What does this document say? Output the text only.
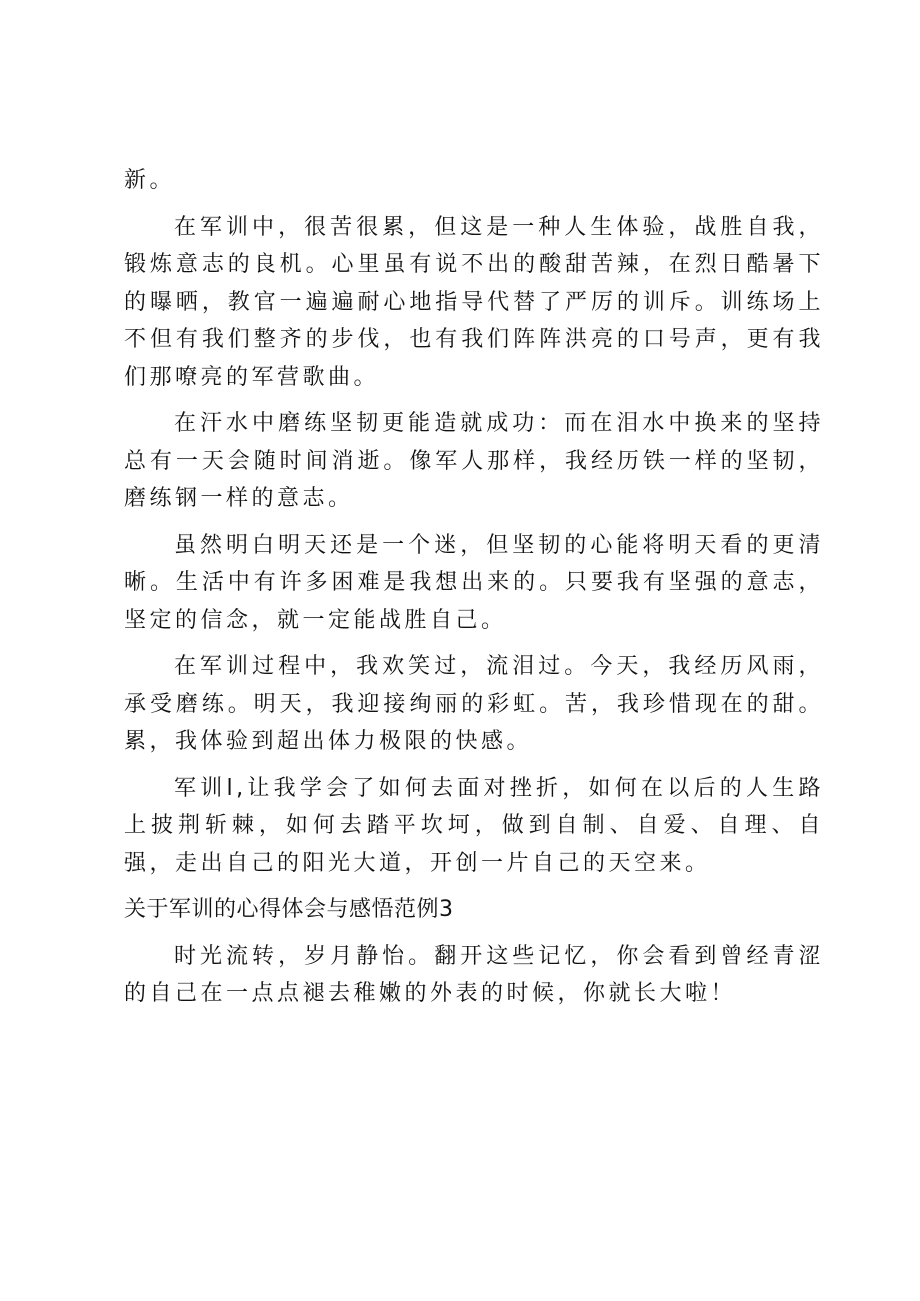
新。

在军训中，很苦很累，但这是一种人生体验，战胜自我，锻炼意志的良机。心里虽有说不出的酸甜苦辣，在烈日酷暑下的曝晒，教官一遍遍耐心地指导代替了严厉的训斥。训练场上不但有我们整齐的步伐，也有我们阵阵洪亮的口号声，更有我们那嘹亮的军营歌曲。

在汗水中磨练坚韧更能造就成功：而在泪水中换来的坚持总有一天会随时间消逝。像军人那样，我经历铁一样的坚韧，磨练钢一样的意志。

虽然明白明天还是一个迷，但坚韧的心能将明天看的更清晰。生活中有许多困难是我想出来的。只要我有坚强的意志，坚定的信念，就一定能战胜自己。

在军训过程中，我欢笑过，流泪过。今天，我经历风雨，承受磨练。明天，我迎接绚丽的彩虹。苦，我珍惜现在的甜。累，我体验到超出体力极限的快感。

军训l,让我学会了如何去面对挫折，如何在以后的人生路上披荆斩棘，如何去踏平坎坷，做到自制、自爱、自理、自强，走出自己的阳光大道，开创一片自己的天空来。

关于军训的心得体会与感悟范例3

时光流转，岁月静怡。翻开这些记忆，你会看到曾经青涩的自己在一点点褪去稚嫩的外表的时候，你就长大啦！
